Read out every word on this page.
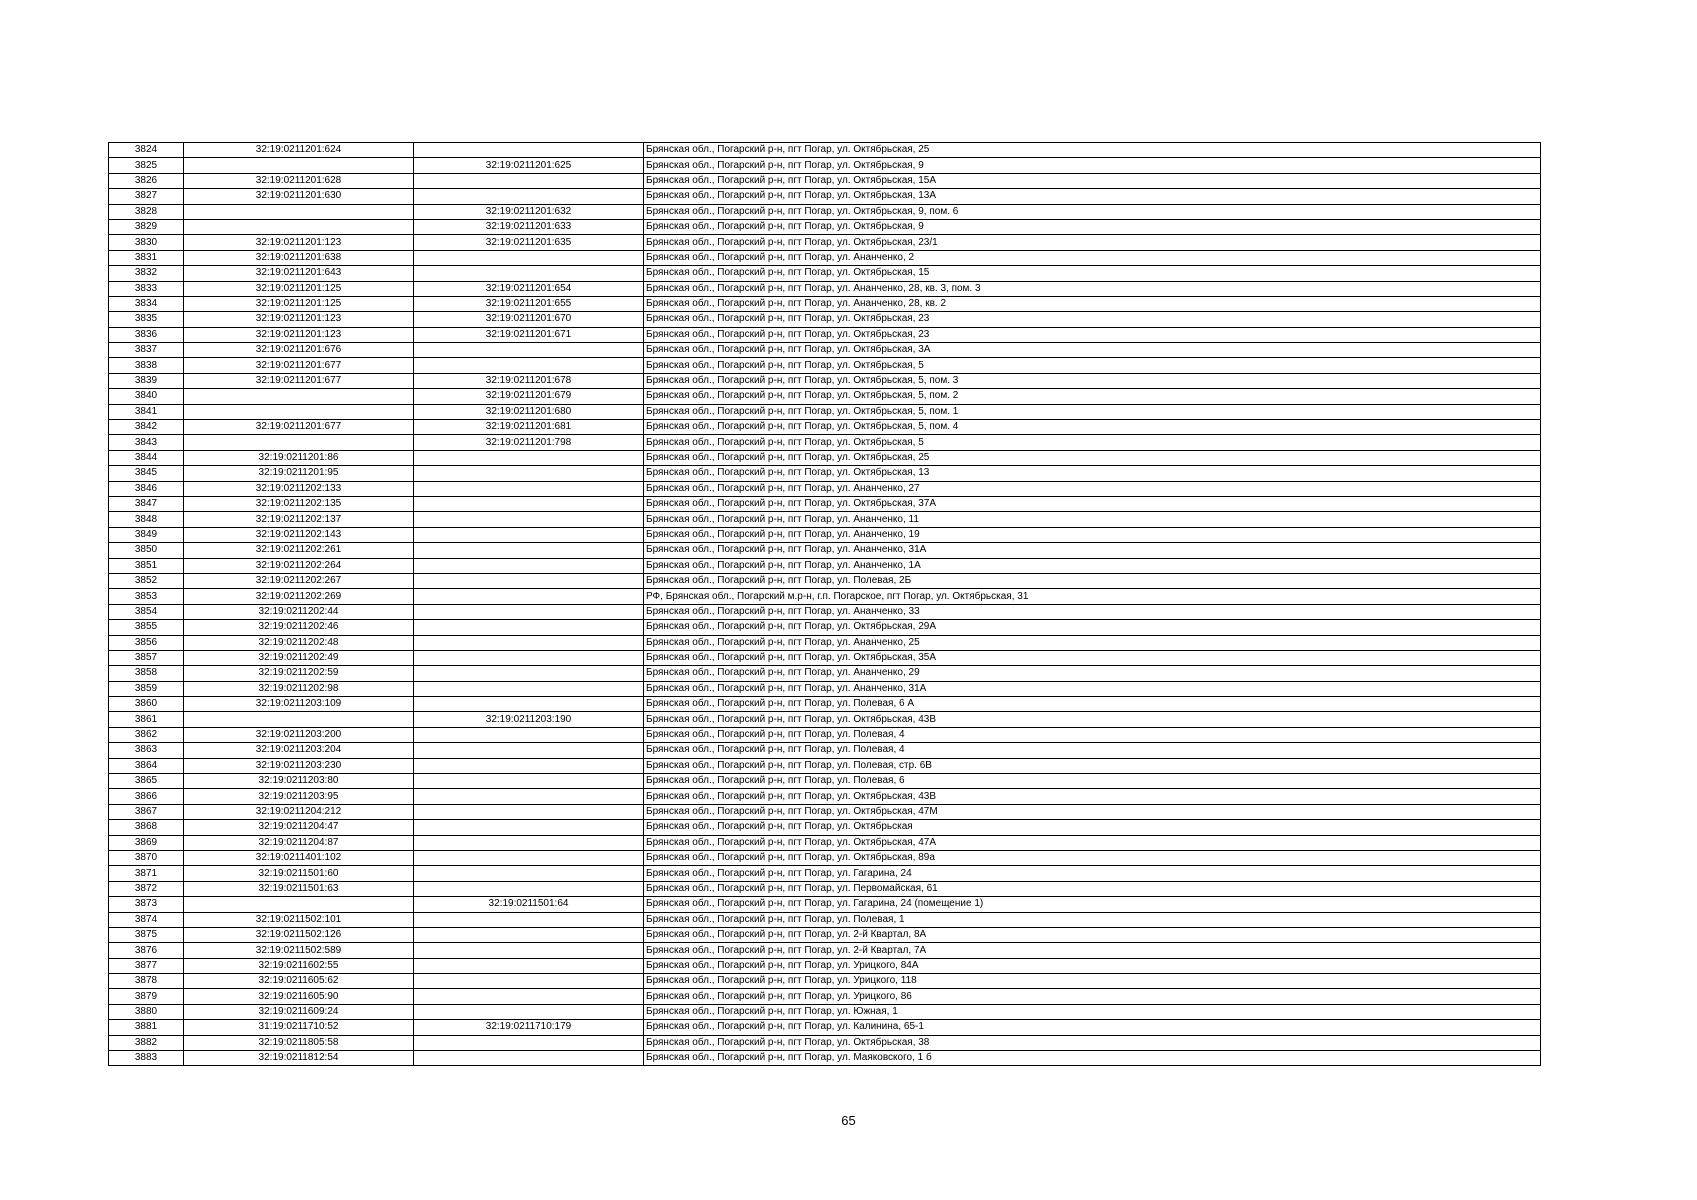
3824	32:19:0211201:624		Брянская обл., Погарский р-н, пгт Погар, ул. Октябрьская, 25
3825		32:19:0211201:625	Брянская обл., Погарский р-н, пгт Погар, ул. Октябрьская, 9
3826	32:19:0211201:628		Брянская обл., Погарский р-н, пгт Погар, ул. Октябрьская, 15А
3827	32:19:0211201:630		Брянская обл., Погарский р-н, пгт Погар, ул. Октябрьская, 13А
3828		32:19:0211201:632	Брянская обл., Погарский р-н, пгт Погар, ул. Октябрьская, 9, пом. 6
3829		32:19:0211201:633	Брянская обл., Погарский р-н, пгт Погар, ул. Октябрьская, 9
3830	32:19:0211201:123	32:19:0211201:635	Брянская обл., Погарский р-н, пгт Погар, ул. Октябрьская, 23/1
3831	32:19:0211201:638		Брянская обл., Погарский р-н, пгт Погар, ул. Ананченко, 2
3832	32:19:0211201:643		Брянская обл., Погарский р-н, пгт Погар, ул. Октябрьская, 15
3833	32:19:0211201:125	32:19:0211201:654	Брянская обл., Погарский р-н, пгт Погар, ул. Ананченко, 28, кв. 3, пом. 3
3834	32:19:0211201:125	32:19:0211201:655	Брянская обл., Погарский р-н, пгт Погар, ул. Ананченко, 28, кв. 2
3835	32:19:0211201:123	32:19:0211201:670	Брянская обл., Погарский р-н, пгт Погар, ул. Октябрьская, 23
3836	32:19:0211201:123	32:19:0211201:671	Брянская обл., Погарский р-н, пгт Погар, ул. Октябрьская, 23
3837	32:19:0211201:676		Брянская обл., Погарский р-н, пгт Погар, ул. Октябрьская, 3А
3838	32:19:0211201:677		Брянская обл., Погарский р-н, пгт Погар, ул. Октябрьская, 5
3839	32:19:0211201:677	32:19:0211201:678	Брянская обл., Погарский р-н, пгт Погар, ул. Октябрьская, 5, пом. 3
3840		32:19:0211201:679	Брянская обл., Погарский р-н, пгт Погар, ул. Октябрьская, 5, пом. 2
3841		32:19:0211201:680	Брянская обл., Погарский р-н, пгт Погар, ул. Октябрьская, 5, пом. 1
3842	32:19:0211201:677	32:19:0211201:681	Брянская обл., Погарский р-н, пгт Погар, ул. Октябрьская, 5, пом. 4
3843		32:19:0211201:798	Брянская обл., Погарский р-н, пгт Погар, ул. Октябрьская, 5
3844	32:19:0211201:86		Брянская обл., Погарский р-н, пгт Погар, ул. Октябрьская, 25
3845	32:19:0211201:95		Брянская обл., Погарский р-н, пгт Погар, ул. Октябрьская, 13
3846	32:19:0211202:133		Брянская обл., Погарский р-н, пгт Погар, ул. Ананченко, 27
3847	32:19:0211202:135		Брянская обл., Погарский р-н, пгт Погар, ул. Октябрьская, 37А
3848	32:19:0211202:137		Брянская обл., Погарский р-н, пгт Погар, ул. Ананченко, 11
3849	32:19:0211202:143		Брянская обл., Погарский р-н, пгт Погар, ул. Ананченко, 19
3850	32:19:0211202:261		Брянская обл., Погарский р-н, пгт Погар, ул. Ананченко, 31А
3851	32:19:0211202:264		Брянская обл., Погарский р-н, пгт Погар, ул. Ананченко, 1А
3852	32:19:0211202:267		Брянская обл., Погарский р-н, пгт Погар, ул. Полевая, 2Б
3853	32:19:0211202:269		РФ, Брянская обл., Погарский м.р-н, г.п. Погарское, пгт Погар, ул. Октябрьская, 31
3854	32:19:0211202:44		Брянская обл., Погарский р-н, пгт Погар, ул. Ананченко, 33
3855	32:19:0211202:46		Брянская обл., Погарский р-н, пгт Погар, ул. Октябрьская, 29А
3856	32:19:0211202:48		Брянская обл., Погарский р-н, пгт Погар, ул. Ананченко, 25
3857	32:19:0211202:49		Брянская обл., Погарский р-н, пгт Погар, ул. Октябрьская, 35А
3858	32:19:0211202:59		Брянская обл., Погарский р-н, пгт Погар, ул. Ананченко, 29
3859	32:19:0211202:98		Брянская обл., Погарский р-н, пгт Погар, ул. Ананченко, 31А
3860	32:19:0211203:109		Брянская обл., Погарский р-н, пгт Погар, ул. Полевая, 6 А
3861		32:19:0211203:190	Брянская обл., Погарский р-н, пгт Погар, ул. Октябрьская, 43В
3862	32:19:0211203:200		Брянская обл., Погарский р-н, пгт Погар, ул. Полевая, 4
3863	32:19:0211203:204		Брянская обл., Погарский р-н, пгт Погар, ул. Полевая, 4
3864	32:19:0211203:230		Брянская обл., Погарский р-н, пгт Погар, ул. Полевая, стр. 6В
3865	32:19:0211203:80		Брянская обл., Погарский р-н, пгт Погар, ул. Полевая, 6
3866	32:19:0211203:95		Брянская обл., Погарский р-н, пгт Погар, ул. Октябрьская, 43В
3867	32:19:0211204:212		Брянская обл., Погарский р-н, пгт Погар, ул. Октябрьская, 47М
3868	32:19:0211204:47		Брянская обл., Погарский р-н, пгт Погар, ул. Октябрьская
3869	32:19:0211204:87		Брянская обл., Погарский р-н, пгт Погар, ул. Октябрьская, 47А
3870	32:19:0211401:102		Брянская обл., Погарский р-н, пгт Погар, ул. Октябрьская, 89а
3871	32:19:0211501:60		Брянская обл., Погарский р-н, пгт Погар, ул. Гагарина, 24
3872	32:19:0211501:63		Брянская обл., Погарский р-н, пгт Погар, ул. Первомайская, 61
3873		32:19:0211501:64	Брянская обл., Погарский р-н, пгт Погар, ул. Гагарина, 24 (помещение 1)
3874	32:19:0211502:101		Брянская обл., Погарский р-н, пгт Погар, ул. Полевая, 1
3875	32:19:0211502:126		Брянская обл., Погарский р-н, пгт Погар, ул. 2-й Квартал, 8А
3876	32:19:0211502:589		Брянская обл., Погарский р-н, пгт Погар, ул. 2-й Квартал, 7А
3877	32:19:0211602:55		Брянская обл., Погарский р-н, пгт Погар, ул. Урицкого, 84А
3878	32:19:0211605:62		Брянская обл., Погарский р-н, пгт Погар, ул. Урицкого, 118
3879	32:19:0211605:90		Брянская обл., Погарский р-н, пгт Погар, ул. Урицкого, 86
3880	32:19:0211609:24		Брянская обл., Погарский р-н, пгт Погар, ул. Южная, 1
3881	31:19:0211710:52	32:19:0211710:179	Брянская обл., Погарский р-н, пгт Погар, ул. Калинина, 65-1
3882	32:19:0211805:58		Брянская обл., Погарский р-н, пгт Погар, ул. Октябрьская, 38
3883	32:19:0211812:54		Брянская обл., Погарский р-н, пгт Погар, ул. Маяковского, 1 б
65
